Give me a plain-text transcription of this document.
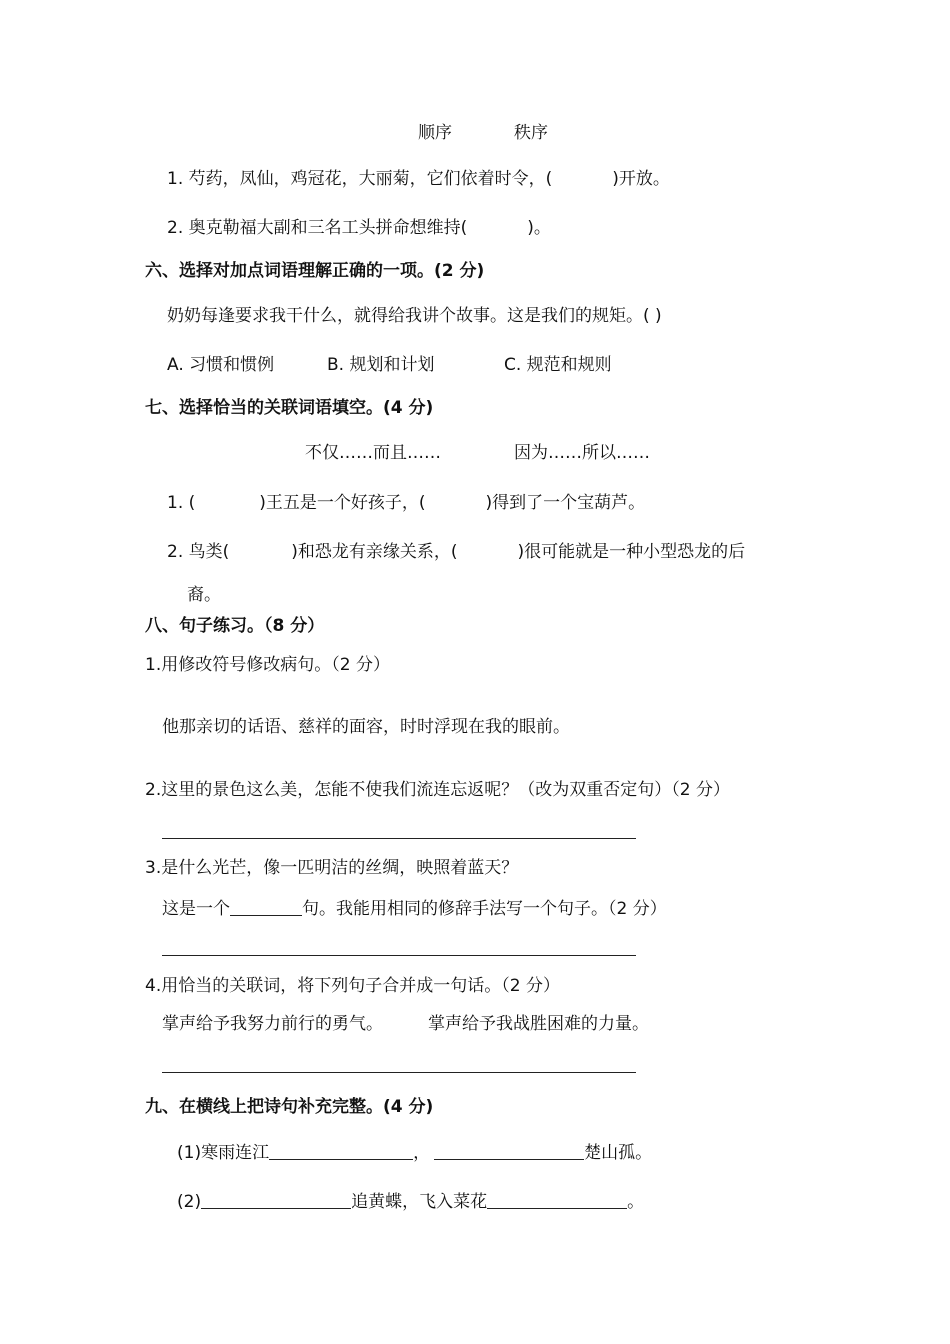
顺序	秩序
1. 芍药，凤仙，鸡冠花，大丽菊，它们依着时令，(	)开放。
2. 奥克勒福大副和三名工头拼命想维持(	)。
六、选择对加点词语理解正确的一项。(2 分)
奶奶每逢要求我干什么，就得给我讲个故事。这是我们的规矩。( )
A. 习惯和惯例	B. 规划和计划	C. 规范和规则
七、选择恰当的关联词语填空。(4 分)
不仅……而且……	因为……所以……
1. (	)王五是一个好孩子，(	)得到了一个宝葫芦。
2. 鸟类(	)和恐龙有亲缘关系，(	)很可能就是一种小型恐龙的后
裔。
八、句子练习。（8 分）
1.用修改符号修改病句。（2 分）
他那亲切的话语、慈祥的面容，时时浮现在我的眼前。
2.这里的景色这么美，怎能不使我们流连忘返呢？（改为双重否定句）（2 分）
3.是什么光芒，像一匹明洁的丝绸，映照着蓝天？
这是一个	句。我能用相同的修辞手法写一个句子。（2 分）
4.用恰当的关联词，将下列句子合并成一句话。（2 分）
掌声给予我努力前行的勇气。	掌声给予我战胜困难的力量。
九、在横线上把诗句补充完整。(4 分)
(1)寒雨连江	，	楚山孤。
(2)	追黄蝶，飞入菜花	。
